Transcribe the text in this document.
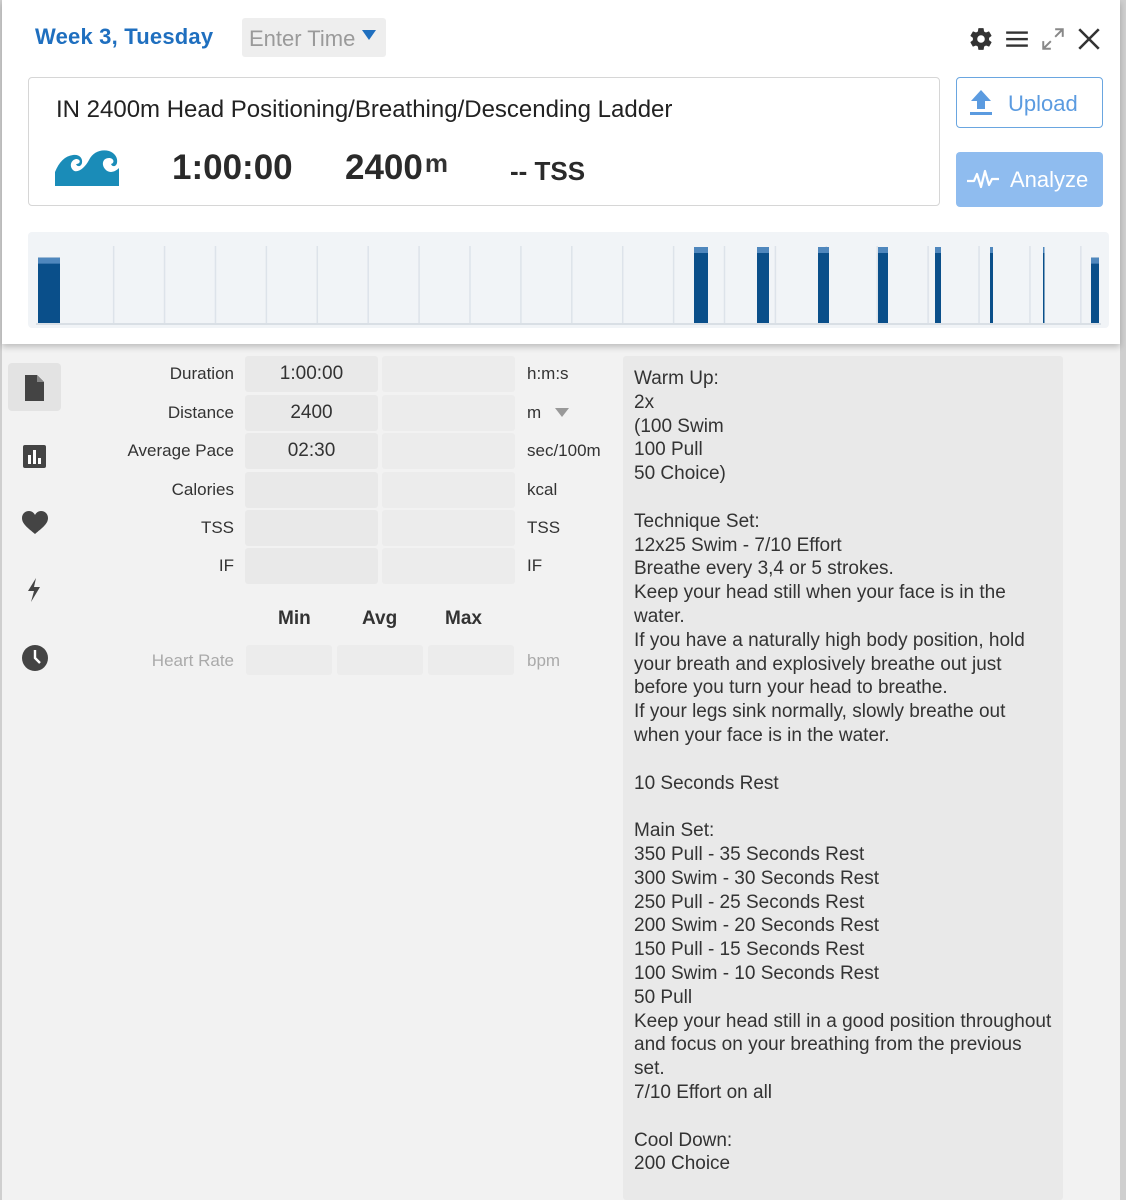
Week 3, Tuesday	Enter Time
IN 2400m Head Positioning/Breathing/Descending Ladder
1:00:00 2400 m -- TSS
Upload
Analyze
Duration	1:00:00	h:m:s
Distance	2400	m
Average Pace	02:30	sec/100m
Calories	kcal
TSS	TSS
IF	IF
Min	Avg	Max
Heart Rate	bpm
Warm Up:
2x
(100 Swim
100 Pull
50 Choice)

Technique Set:
12x25 Swim - 7/10 Effort
Breathe every 3,4 or 5 strokes.
Keep your head still when your face is in the water.
If you have a naturally high body position, hold your breath and explosively breathe out just before you turn your head to breathe.
If your legs sink normally, slowly breathe out when your face is in the water.

10 Seconds Rest

Main Set:
350 Pull - 35 Seconds Rest
300 Swim - 30 Seconds Rest
250 Pull - 25 Seconds Rest
200 Swim - 20 Seconds Rest
150 Pull - 15 Seconds Rest
100 Swim - 10 Seconds Rest
50 Pull
Keep your head still in a good position throughout and focus on your breathing from the previous set.
7/10 Effort on all

Cool Down:
200 Choice
